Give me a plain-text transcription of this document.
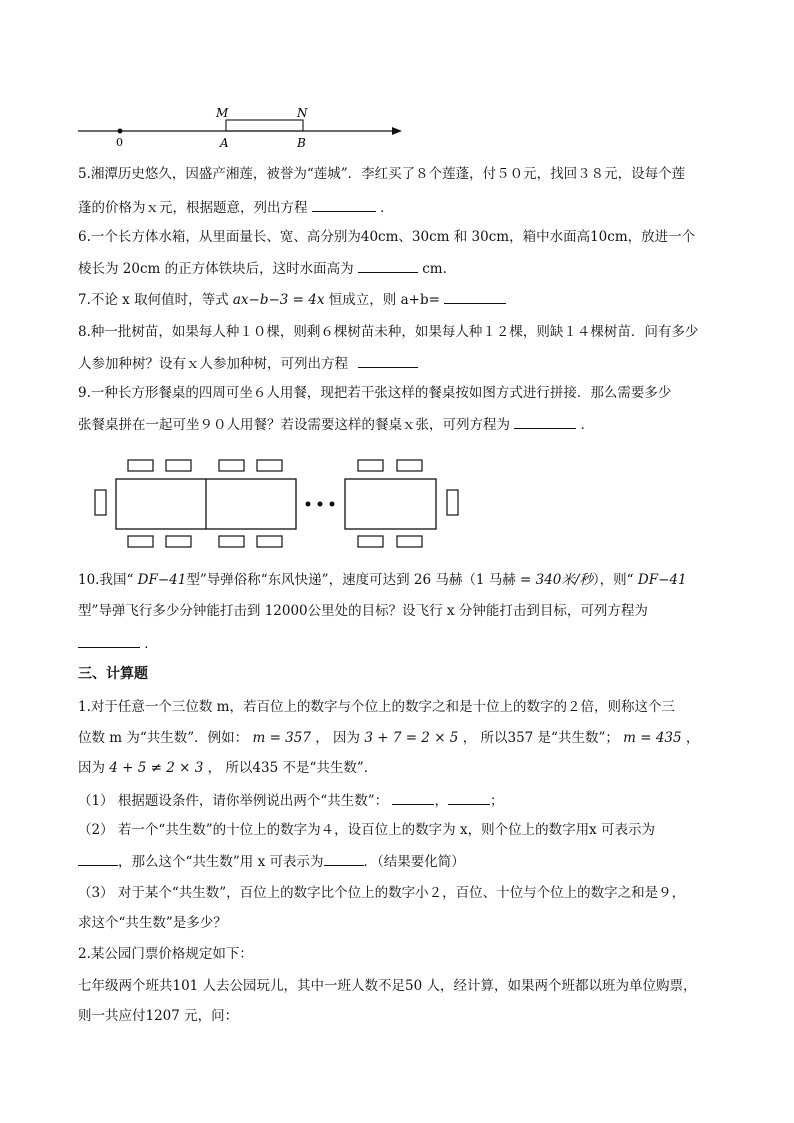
0
M	N
A	B
5.湘潭历史悠久，因盛产湘莲，被誉为“莲城”．李红买了８个莲蓬，付５０元，找回３８元，设每个莲
蓬的价格为ｘ元，根据题意，列出方程	．
6.一个长方体水箱，从里面量长、宽、高分别为40cm、30cm 和 30cm，箱中水面高10cm，放进一个
棱长为 20cm 的正方体铁块后，这时水面高为	cm.
7.不论 x 取何值时，等式 ax−b−3 = 4x 恒成立，则 a+b=
8.种一批树苗，如果每人种１０棵，则剩６棵树苗未种，如果每人种１２棵，则缺１４棵树苗．问有多少
人参加种树？设有ｘ人参加种树，可列出方程
9.一种长方形餐桌的四周可坐６人用餐，现把若干张这样的餐桌按如图方式进行拼接．那么需要多少
张餐桌拼在一起可坐９０人用餐？若设需要这样的餐桌ｘ张，可列方程为	．
10.我国“ DF−41型”导弹俗称“东风快递”，速度可达到 26 马赫（1 马赫 = 340米/秒），则“ DF−41
型”导弹飞行多少分钟能打击到 12000公里处的目标？设飞行 x 分钟能打击到目标，可列方程为
．
三、计算题
1.对于任意一个三位数 m，若百位上的数字与个位上的数字之和是十位上的数字的２倍，则称这个三
位数 m 为“共生数”．例如： m = 357 ， 因为 3 + 7 = 2 × 5 ， 所以357 是“共生数”； m = 435 ，
因为 4 + 5 ≠ 2 × 3 ， 所以435 不是“共生数”．
（1） 根据题设条件，请你举例说出两个“共生数”：	，	；
（2） 若一个“共生数”的十位上的数字为４，设百位上的数字为 x，则个位上的数字用x 可表示为
，那么这个“共生数”用 x 可表示为	．（结果要化简）
（3） 对于某个“共生数”，百位上的数字比个位上的数字小２，百位、十位与个位上的数字之和是９，
求这个“共生数”是多少？
2.某公园门票价格规定如下：
七年级两个班共101 人去公园玩儿，其中一班人数不足50 人，经计算，如果两个班都以班为单位购票，
则一共应付1207 元，问：
